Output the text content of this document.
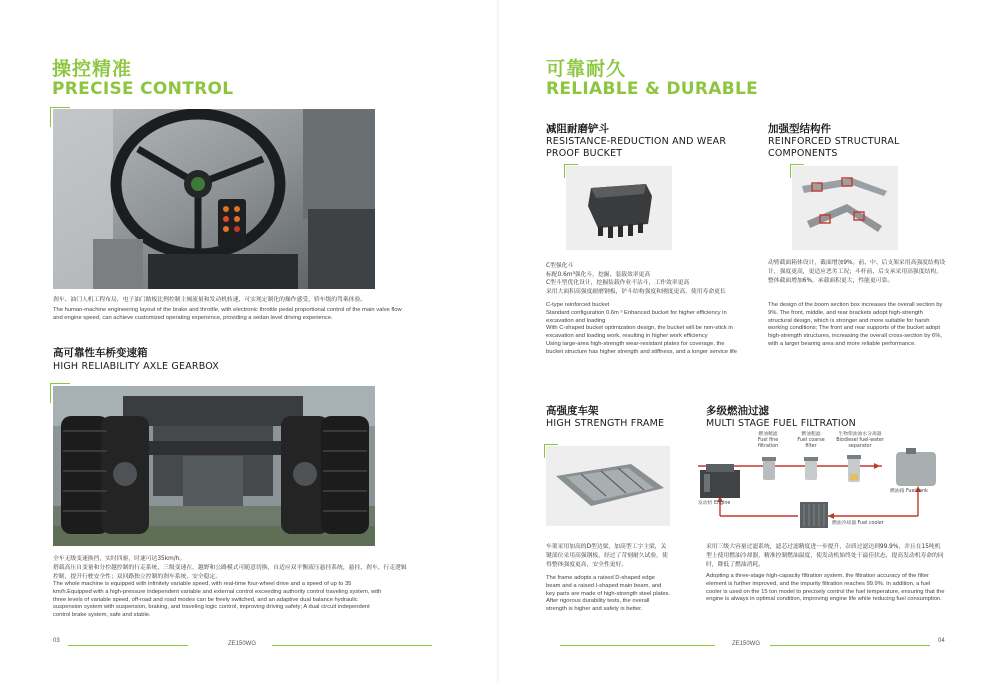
操控精准
PRECISE CONTROL
刹车、油门人机工程布局，电子油门踏板比例控制主阀流量和发动机转速，可实现定制化的操作感受，轿车级的驾乘体验。
The human-machine engineering layout of the brake and throttle, with electronic throttle pedal proportional control of the main valve flow and engine speed, can achieve customized operating experience, providing a sedan level driving experience.
高可靠性车桥变速箱
HIGH RELIABILITY AXLE GEARBOX
全车无级变速换挡，实时四驱，时速可达35km/h。
搭载高压自变量和分控越控制的行走系统、三级变速在，越野和公路模式可随意切换，自适应双平衡液压悬挂系统，悬挂、刹车、行走逻辑控制，提升行驶安全性；双回路独立控制的刹车系统，安全稳定。
The whole machine is equipped with infinitely variable speed, with real-time four-wheel drive and a speed of up to 35 km/h.Equipped with a high-pressure independent variable and external control exceeding authority control traveling system, with three levels of variable speed, off-road and road modes can be freely switched, and an adaptive dual balance hydraulic suspension system with suspension, braking, and traveling logic control, improving driving safety; A dual circuit independent control brake system, safe and stable.
03	ZE150WG
可靠耐久
RELIABLE & DURABLE
减阻耐磨铲斗
RESISTANCE-REDUCTION AND WEAR
PROOF BUCKET
C型强化斗
标配0.6m³强化斗，挖掘、装载效率更高
C型斗型优化设计，挖掘装载作业不沾斗，工作效率更高
采用大面积高强度耐磨钢板，铲斗结构强度和刚度更高，使用寿命更长
C-type reinforced bucket
Standard configuration 0.6m ³ Enhanced bucket for higher efficiency in excavation and loading
With C-shaped bucket optimization design, the bucket will be non-stick in excavation and loading work, resulting in higher work efficiency
Using large-area high-strength wear-resistant plates for coverage, the bucket structure has higher strength and stiffness, and a longer service life
加强型结构件
REINFORCED STRUCTURAL
COMPONENTS
动臂截面箱体设计，截面增加9%。前、中、后支架采用高强度结构设计，强度更高，更适应恶劣工况；斗杆前、后支承采用高强度结构，整体截面增加6%，承载面积更大，性能更可靠。
The design of the boom section box increases the overall section by 9%. The front, middle, and rear brackets adopt high-strength structural design, which is stronger and more suitable for harsh working conditions; The front and rear supports of the bucket adopt high-strength structures, increasing the overall cross-section by 6%, with a larger bearing area and more reliable performance.
高强度车架
HIGH STRENGTH FRAME
车架采用加高的D型边梁，加高型工字主梁，关键部位采用高强钢板，经过了苛刻耐久试验，使得整体强度更高，安全性更好。
The frame adopts a raised D-shaped edge beam and a raised I-shaped main beam, and key parts are made of high-strength steel plates. After rigorous durability tests, the overall strength is higher and safety is better.
多级燃油过滤
MULTI STAGE FUEL FILTRATION
燃油精滤
Fuel fine filtration
燃油粗滤
Fuel coarse filter
生物柴油油水分离器
Biodiesel fuel-water separator
发动机 Engine
燃油箱 Fuel tank
燃油冷却器 Fuel cooler
采用三级大容量过滤系统，滤芯过滤精度进一步提升，杂质过滤达到99.9%，并且在15吨机型上使用燃油冷却器，精准控制燃油温度，使发动机始终处于最佳状态，提高发动机寿命的同时，降低了燃油消耗。
Adopting a three-stage high-capacity filtration system, the filtration accuracy of the filter element is further improved, and the impurity filtration reaches 99.9%. In addition, a fuel cooler is used on the 15 ton model to precisely control the fuel temperature, ensuring that the engine is always in optimal condition, improving engine life while reducing fuel consumption.
ZE150WG	04
